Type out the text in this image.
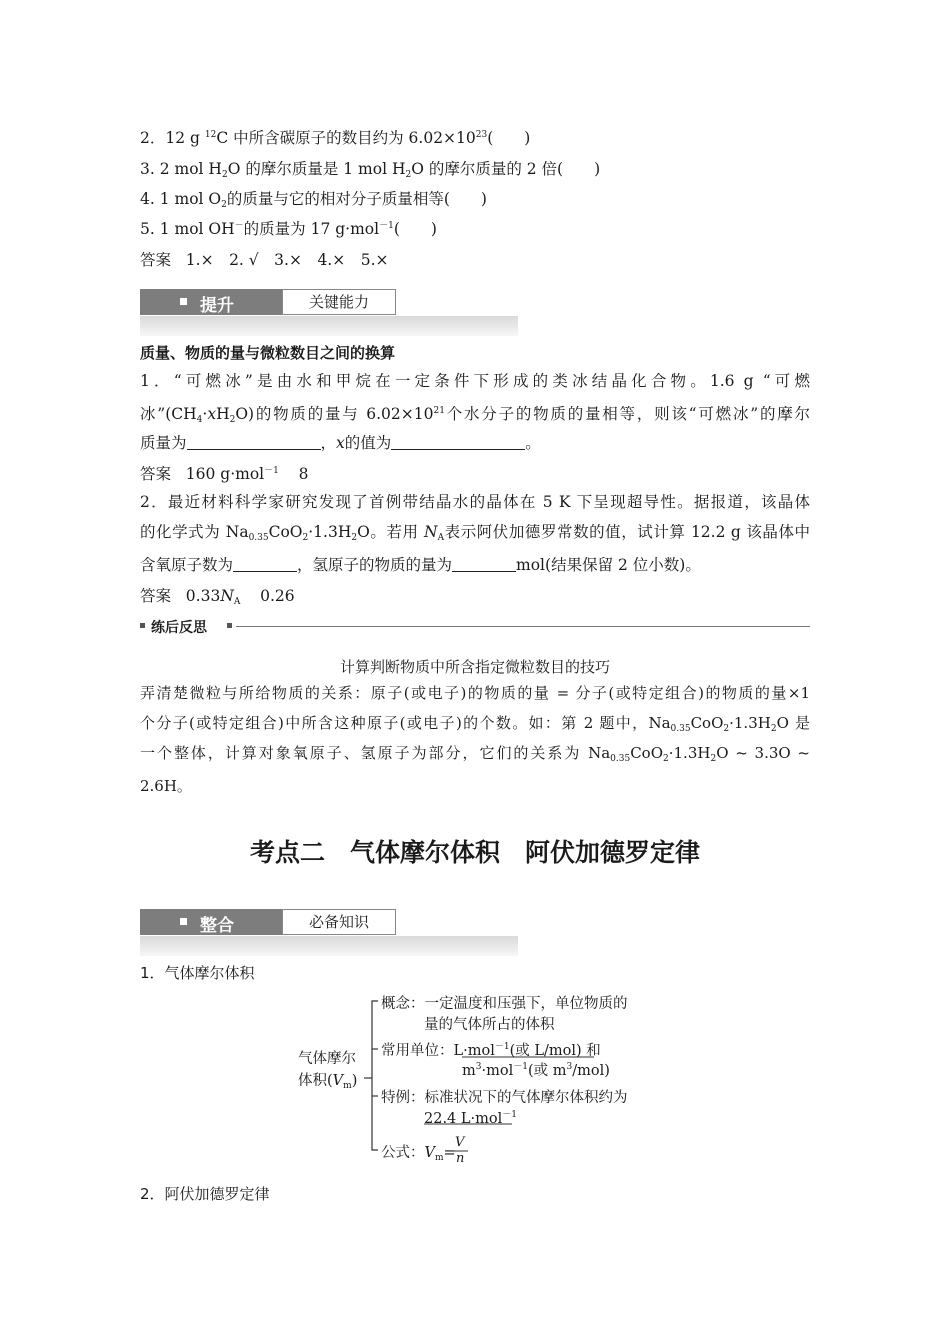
2．12 g $^{12}$C 中所含碳原子的数目约为 $6.02\times 10^{23}$(　　)
3. 2 mol $H_2O$ 的摩尔质量是 1 mol $H_2O$ 的摩尔质量的 2 倍(　　)
4. 1 mol $O_2$的质量与它的相对分子质量相等(　　)
5. 1 mol OH－的质量为 17 g·mol$^{-1}$(　　)
答案 1.×　2. √　3.×　4.×　5.×
提升	关键能力
质量、物质的量与微粒数目之间的换算
1．“可燃冰”是由水和甲烷在一定条件下形成的类冰结晶化合物。1.6 g “可燃
冰$”(CH_4\cdot xH_2O)$的物质的量与 $6.02\times 10^{21}$个水分子的物质的量相等，则该“可燃冰”的摩尔
质量为	，x的值为	。
答案 160 g·mol$^{-1}$ 8
2．最近材料科学家研究发现了首例带结晶水的晶体在 5 K 下呈现超导性。据报道，该晶体
的化学式为 $Na_{0.35}CoO_2\cdot 1.3H_2O$。若用 $N_A$表示阿伏加德罗常数的值，试计算 12.2 g 该晶体中
含氧原子数为	，氢原子的物质的量为	mol(结果保留 2 位小数)。
答案 $0.33N_A$ 0.26
练后反思
计算判断物质中所含指定微粒数目的技巧
弄清楚微粒与所给物质的关系：原子(或电子)的物质的量 = 分子(或特定组合)的物质的量×1
个分子(或特定组合)中所含这种原子(或电子)的个数。如：第 2 题中，$Na_{0.35}CoO_2\cdot 1.3H_2O$ 是
一个整体，计算对象氧原子、氢原子为部分，它们的关系为 $Na_{0.35}CoO_2\cdot 1.3H_2O$ ~ 3.3O ~
2.6H。
考点二　气体摩尔体积　阿伏加德罗定律
整合	必备知识
1．气体摩尔体积
气体摩尔
体积$(V_m)$
概念：一定温度和压强下，单位物质的
量的气体所占的体积
常用单位：L·mol$^{-1}$(或 L/mol) 和
$m^3\cdot mol^{-1}$(或 $m^3/mol$)
特例：标准状况下的气体摩尔体积约为
22.4 L·mol$^{-1}$
公式：$V_m=$
V
n
2．阿伏加德罗定律
